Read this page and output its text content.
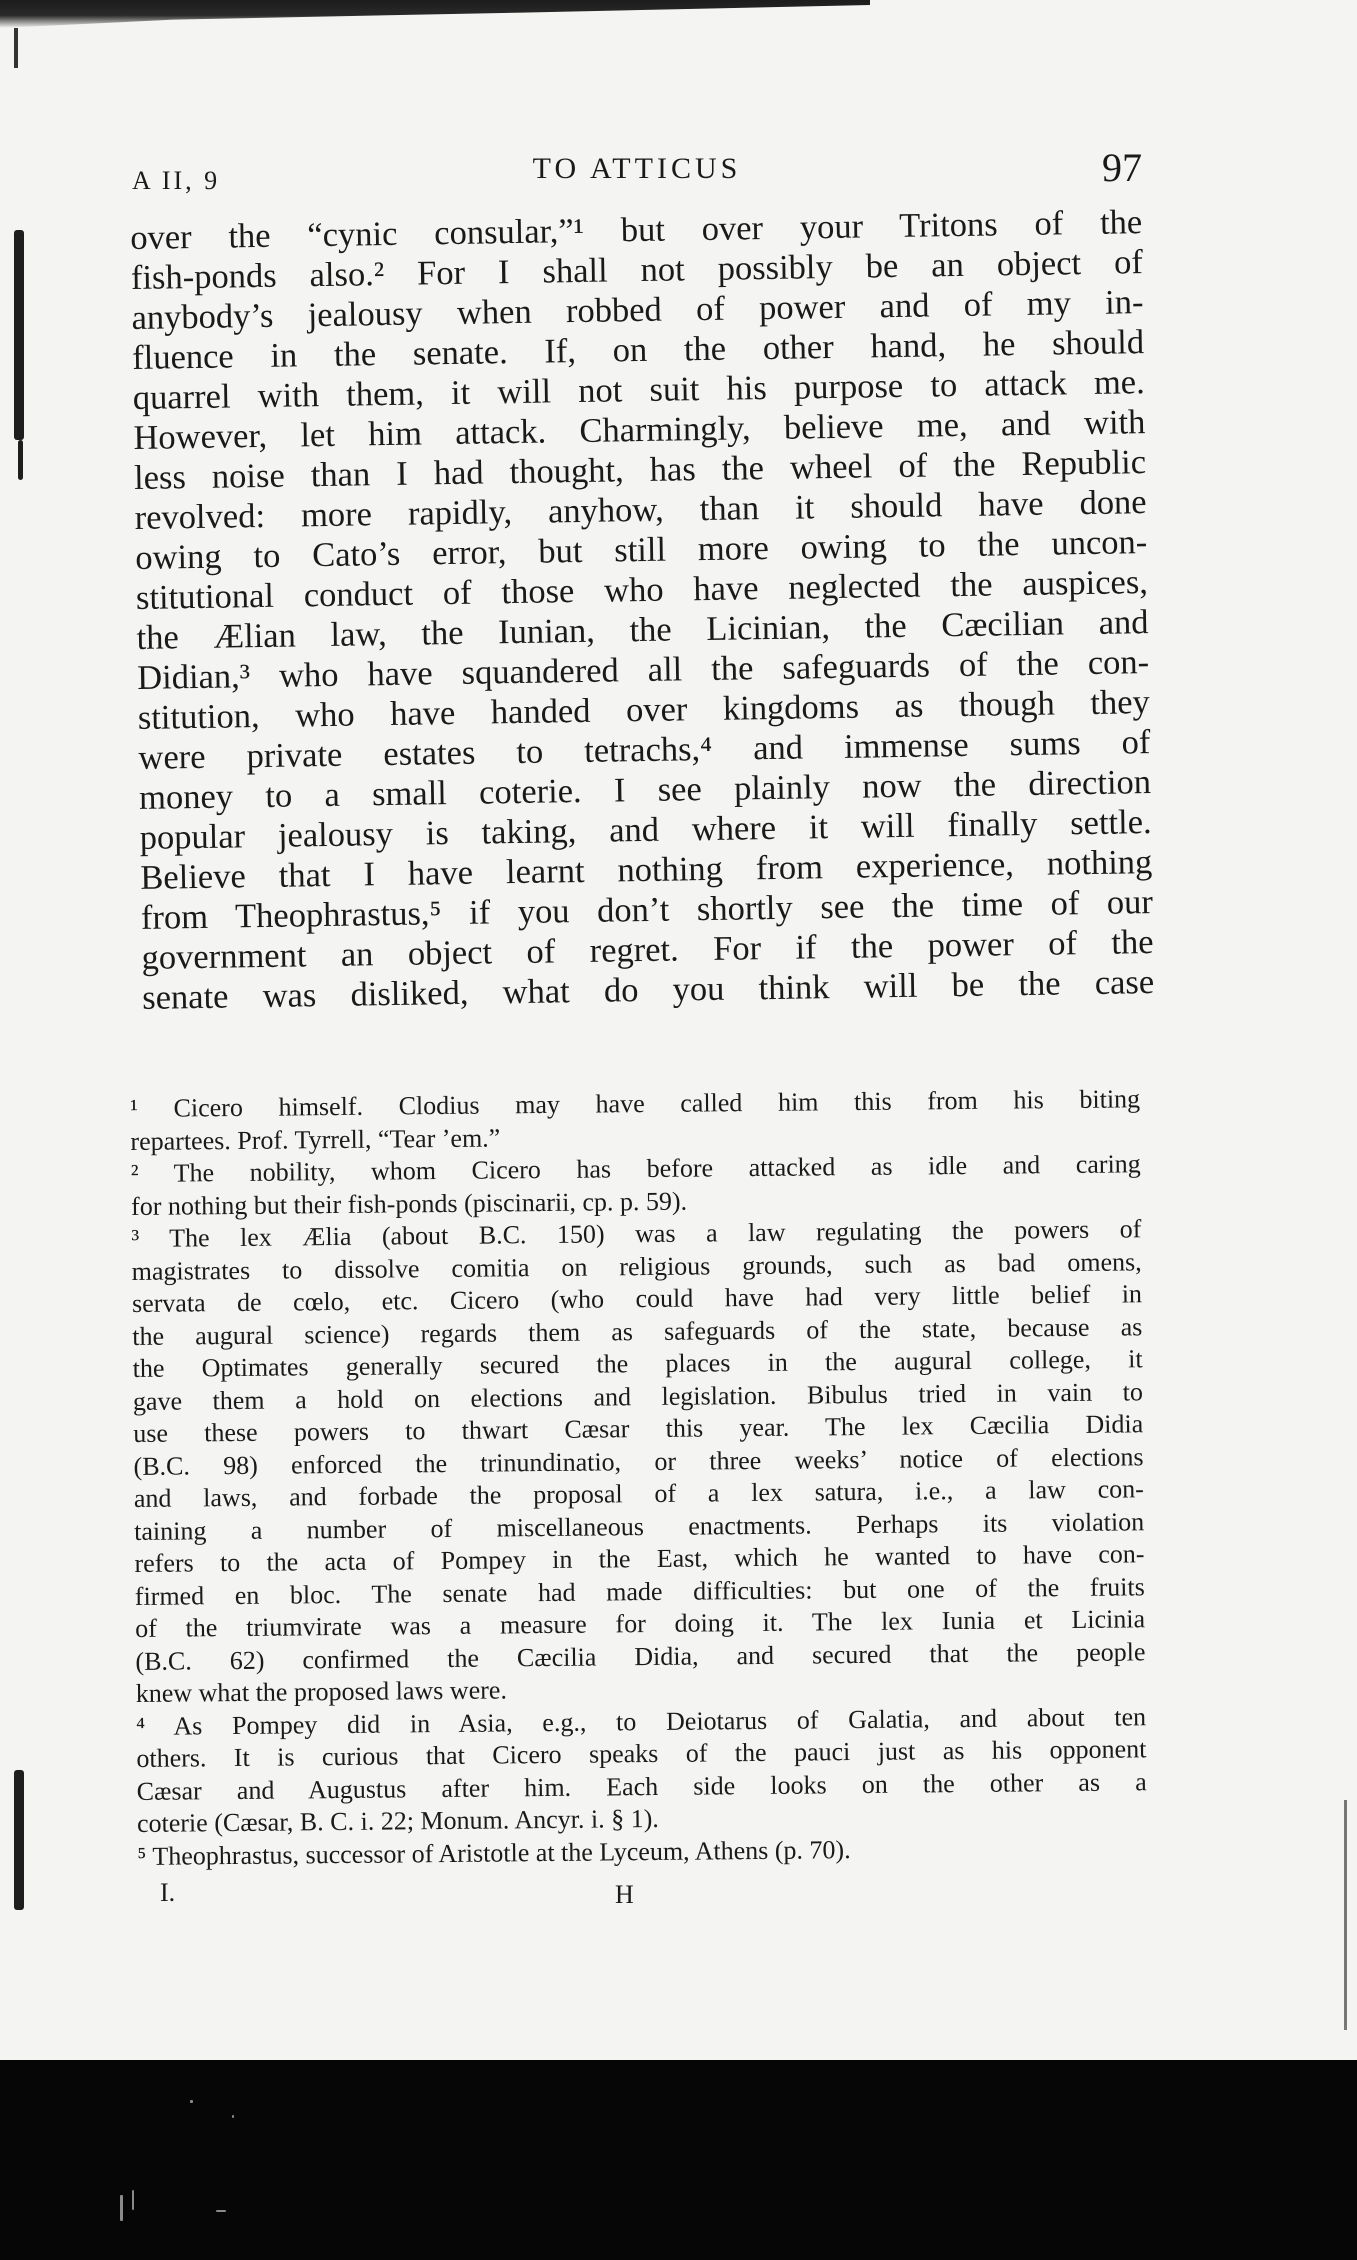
A II, 9	TO ATTICUS	97
over the “cynic consular,”¹ but over your Tritons of the
fish-ponds also.² For I shall not possibly be an object of
anybody’s jealousy when robbed of power and of my in-
fluence in the senate. If, on the other hand, he should
quarrel with them, it will not suit his purpose to attack me.
However, let him attack. Charmingly, believe me, and with
less noise than I had thought, has the wheel of the Republic
revolved: more rapidly, anyhow, than it should have done
owing to Cato’s error, but still more owing to the uncon-
stitutional conduct of those who have neglected the auspices,
the Ælian law, the Iunian, the Licinian, the Cæcilian and
Didian,³ who have squandered all the safeguards of the con-
stitution, who have handed over kingdoms as though they
were private estates to tetrachs,⁴ and immense sums of
money to a small coterie. I see plainly now the direction
popular jealousy is taking, and where it will finally settle.
Believe that I have learnt nothing from experience, nothing
from Theophrastus,⁵ if you don’t shortly see the time of our
government an object of regret. For if the power of the
senate was disliked, what do you think will be the case
¹ Cicero himself. Clodius may have called him this from his biting
repartees. Prof. Tyrrell, “Tear ’em.”
² The nobility, whom Cicero has before attacked as idle and caring
for nothing but their fish-ponds (piscinarii, cp. p. 59).
³ The lex Ælia (about B.C. 150) was a law regulating the powers of
magistrates to dissolve comitia on religious grounds, such as bad omens,
servata de cœlo, etc. Cicero (who could have had very little belief in
the augural science) regards them as safeguards of the state, because as
the Optimates generally secured the places in the augural college, it
gave them a hold on elections and legislation. Bibulus tried in vain to
use these powers to thwart Cæsar this year. The lex Cæcilia Didia
(B.C. 98) enforced the trinundinatio, or three weeks’ notice of elections
and laws, and forbade the proposal of a lex satura, i.e., a law con-
taining a number of miscellaneous enactments. Perhaps its violation
refers to the acta of Pompey in the East, which he wanted to have con-
firmed en bloc. The senate had made difficulties: but one of the fruits
of the triumvirate was a measure for doing it. The lex Iunia et Licinia
(B.C. 62) confirmed the Cæcilia Didia, and secured that the people
knew what the proposed laws were.
⁴ As Pompey did in Asia, e.g., to Deiotarus of Galatia, and about ten
others. It is curious that Cicero speaks of the pauci just as his opponent
Cæsar and Augustus after him. Each side looks on the other as a
coterie (Cæsar, B. C. i. 22; Monum. Ancyr. i. § 1).
⁵ Theophrastus, successor of Aristotle at the Lyceum, Athens (p. 70).
I.	H
